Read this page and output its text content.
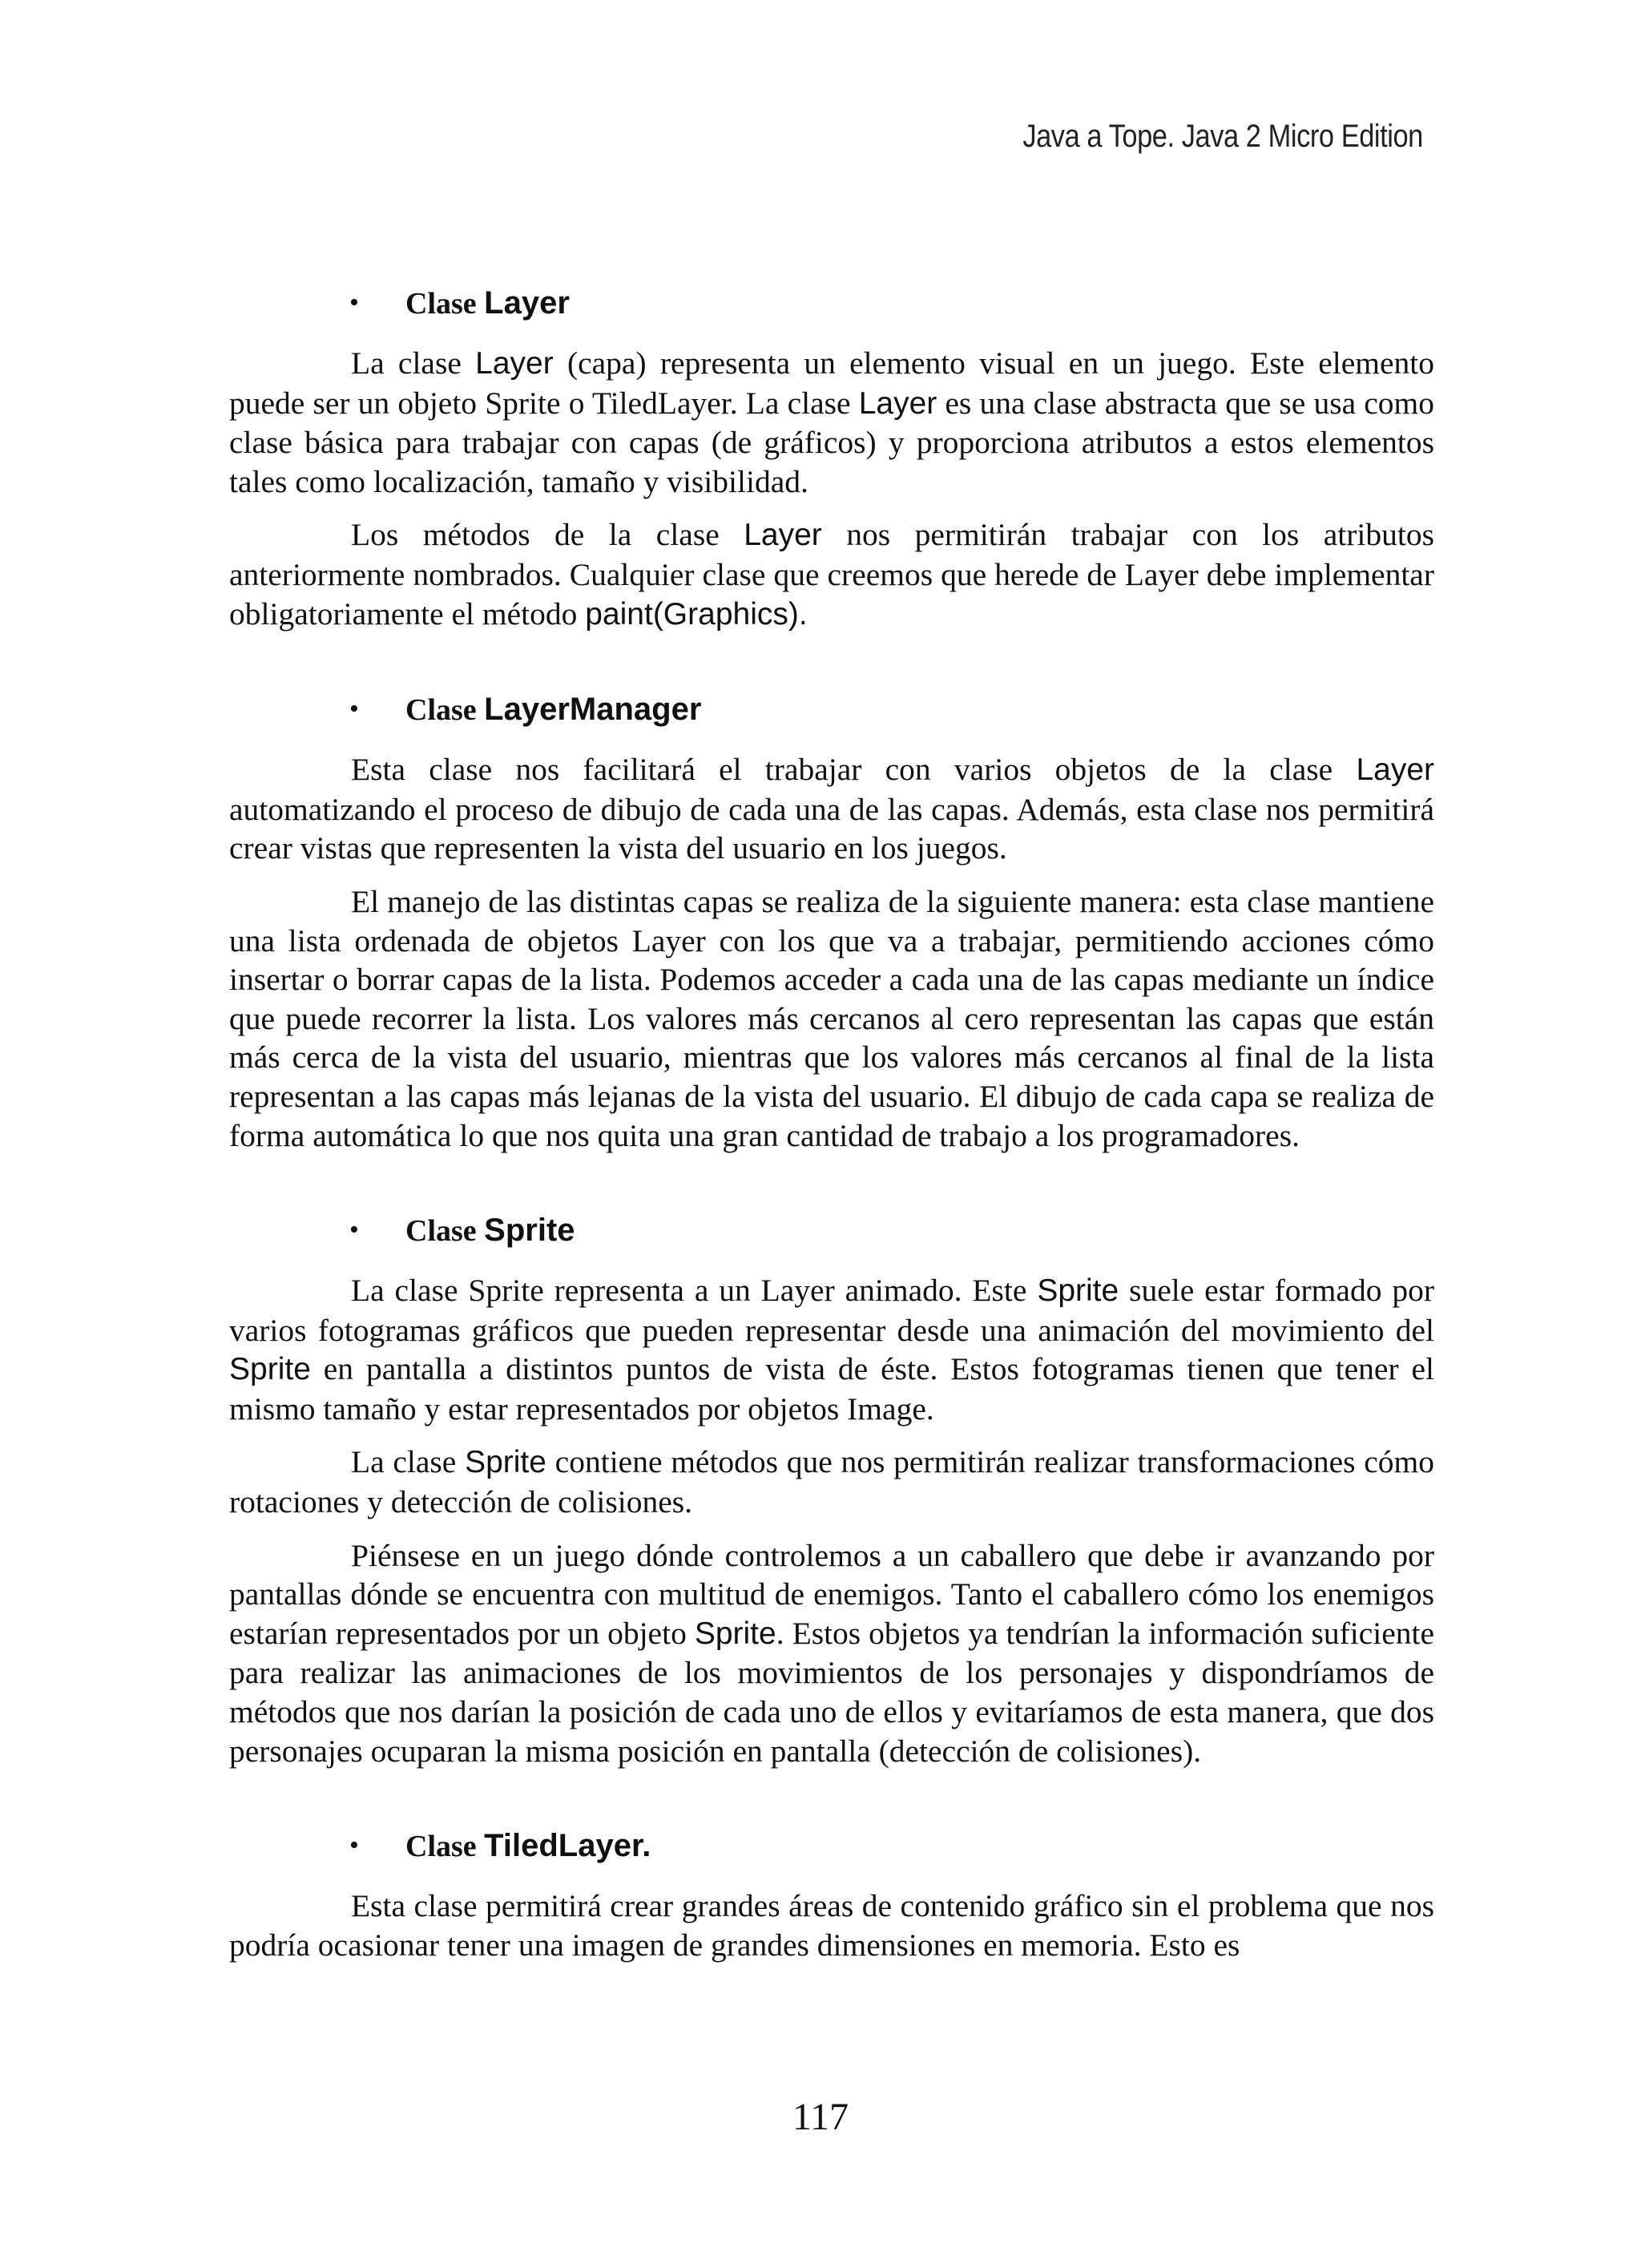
Java a Tope. Java 2 Micro Edition
• Clase Layer

La clase Layer (capa) representa un elemento visual en un juego. Este elemento puede ser un objeto Sprite o TiledLayer. La clase Layer es una clase abstracta que se usa como clase básica para trabajar con capas (de gráficos) y proporciona atributos a estos elementos tales como localización, tamaño y visibilidad.

Los métodos de la clase Layer nos permitirán trabajar con los atributos anteriormente nombrados. Cualquier clase que creemos que herede de Layer debe implementar obligatoriamente el método paint(Graphics).

• Clase LayerManager

Esta clase nos facilitará el trabajar con varios objetos de la clase Layer automatizando el proceso de dibujo de cada una de las capas. Además, esta clase nos permitirá crear vistas que representen la vista del usuario en los juegos.

El manejo de las distintas capas se realiza de la siguiente manera: esta clase mantiene una lista ordenada de objetos Layer con los que va a trabajar, permitiendo acciones cómo insertar o borrar capas de la lista. Podemos acceder a cada una de las capas mediante un índice que puede recorrer la lista. Los valores más cercanos al cero representan las capas que están más cerca de la vista del usuario, mientras que los valores más cercanos al final de la lista representan a las capas más lejanas de la vista del usuario. El dibujo de cada capa se realiza de forma automática lo que nos quita una gran cantidad de trabajo a los programadores.

• Clase Sprite

La clase Sprite representa a un Layer animado. Este Sprite suele estar formado por varios fotogramas gráficos que pueden representar desde una animación del movimiento del Sprite en pantalla a distintos puntos de vista de éste. Estos fotogramas tienen que tener el mismo tamaño y estar representados por objetos Image.

La clase Sprite contiene métodos que nos permitirán realizar transformaciones cómo rotaciones y detección de colisiones.

Piénsese en un juego dónde controlemos a un caballero que debe ir avanzando por pantallas dónde se encuentra con multitud de enemigos. Tanto el caballero cómo los enemigos estarían representados por un objeto Sprite. Estos objetos ya tendrían la información suficiente para realizar las animaciones de los movimientos de los personajes y dispondríamos de métodos que nos darían la posición de cada uno de ellos y evitaríamos de esta manera, que dos personajes ocuparan la misma posición en pantalla (detección de colisiones).

• Clase TiledLayer.

Esta clase permitirá crear grandes áreas de contenido gráfico sin el problema que nos podría ocasionar tener una imagen de grandes dimensiones en memoria. Esto es

117
